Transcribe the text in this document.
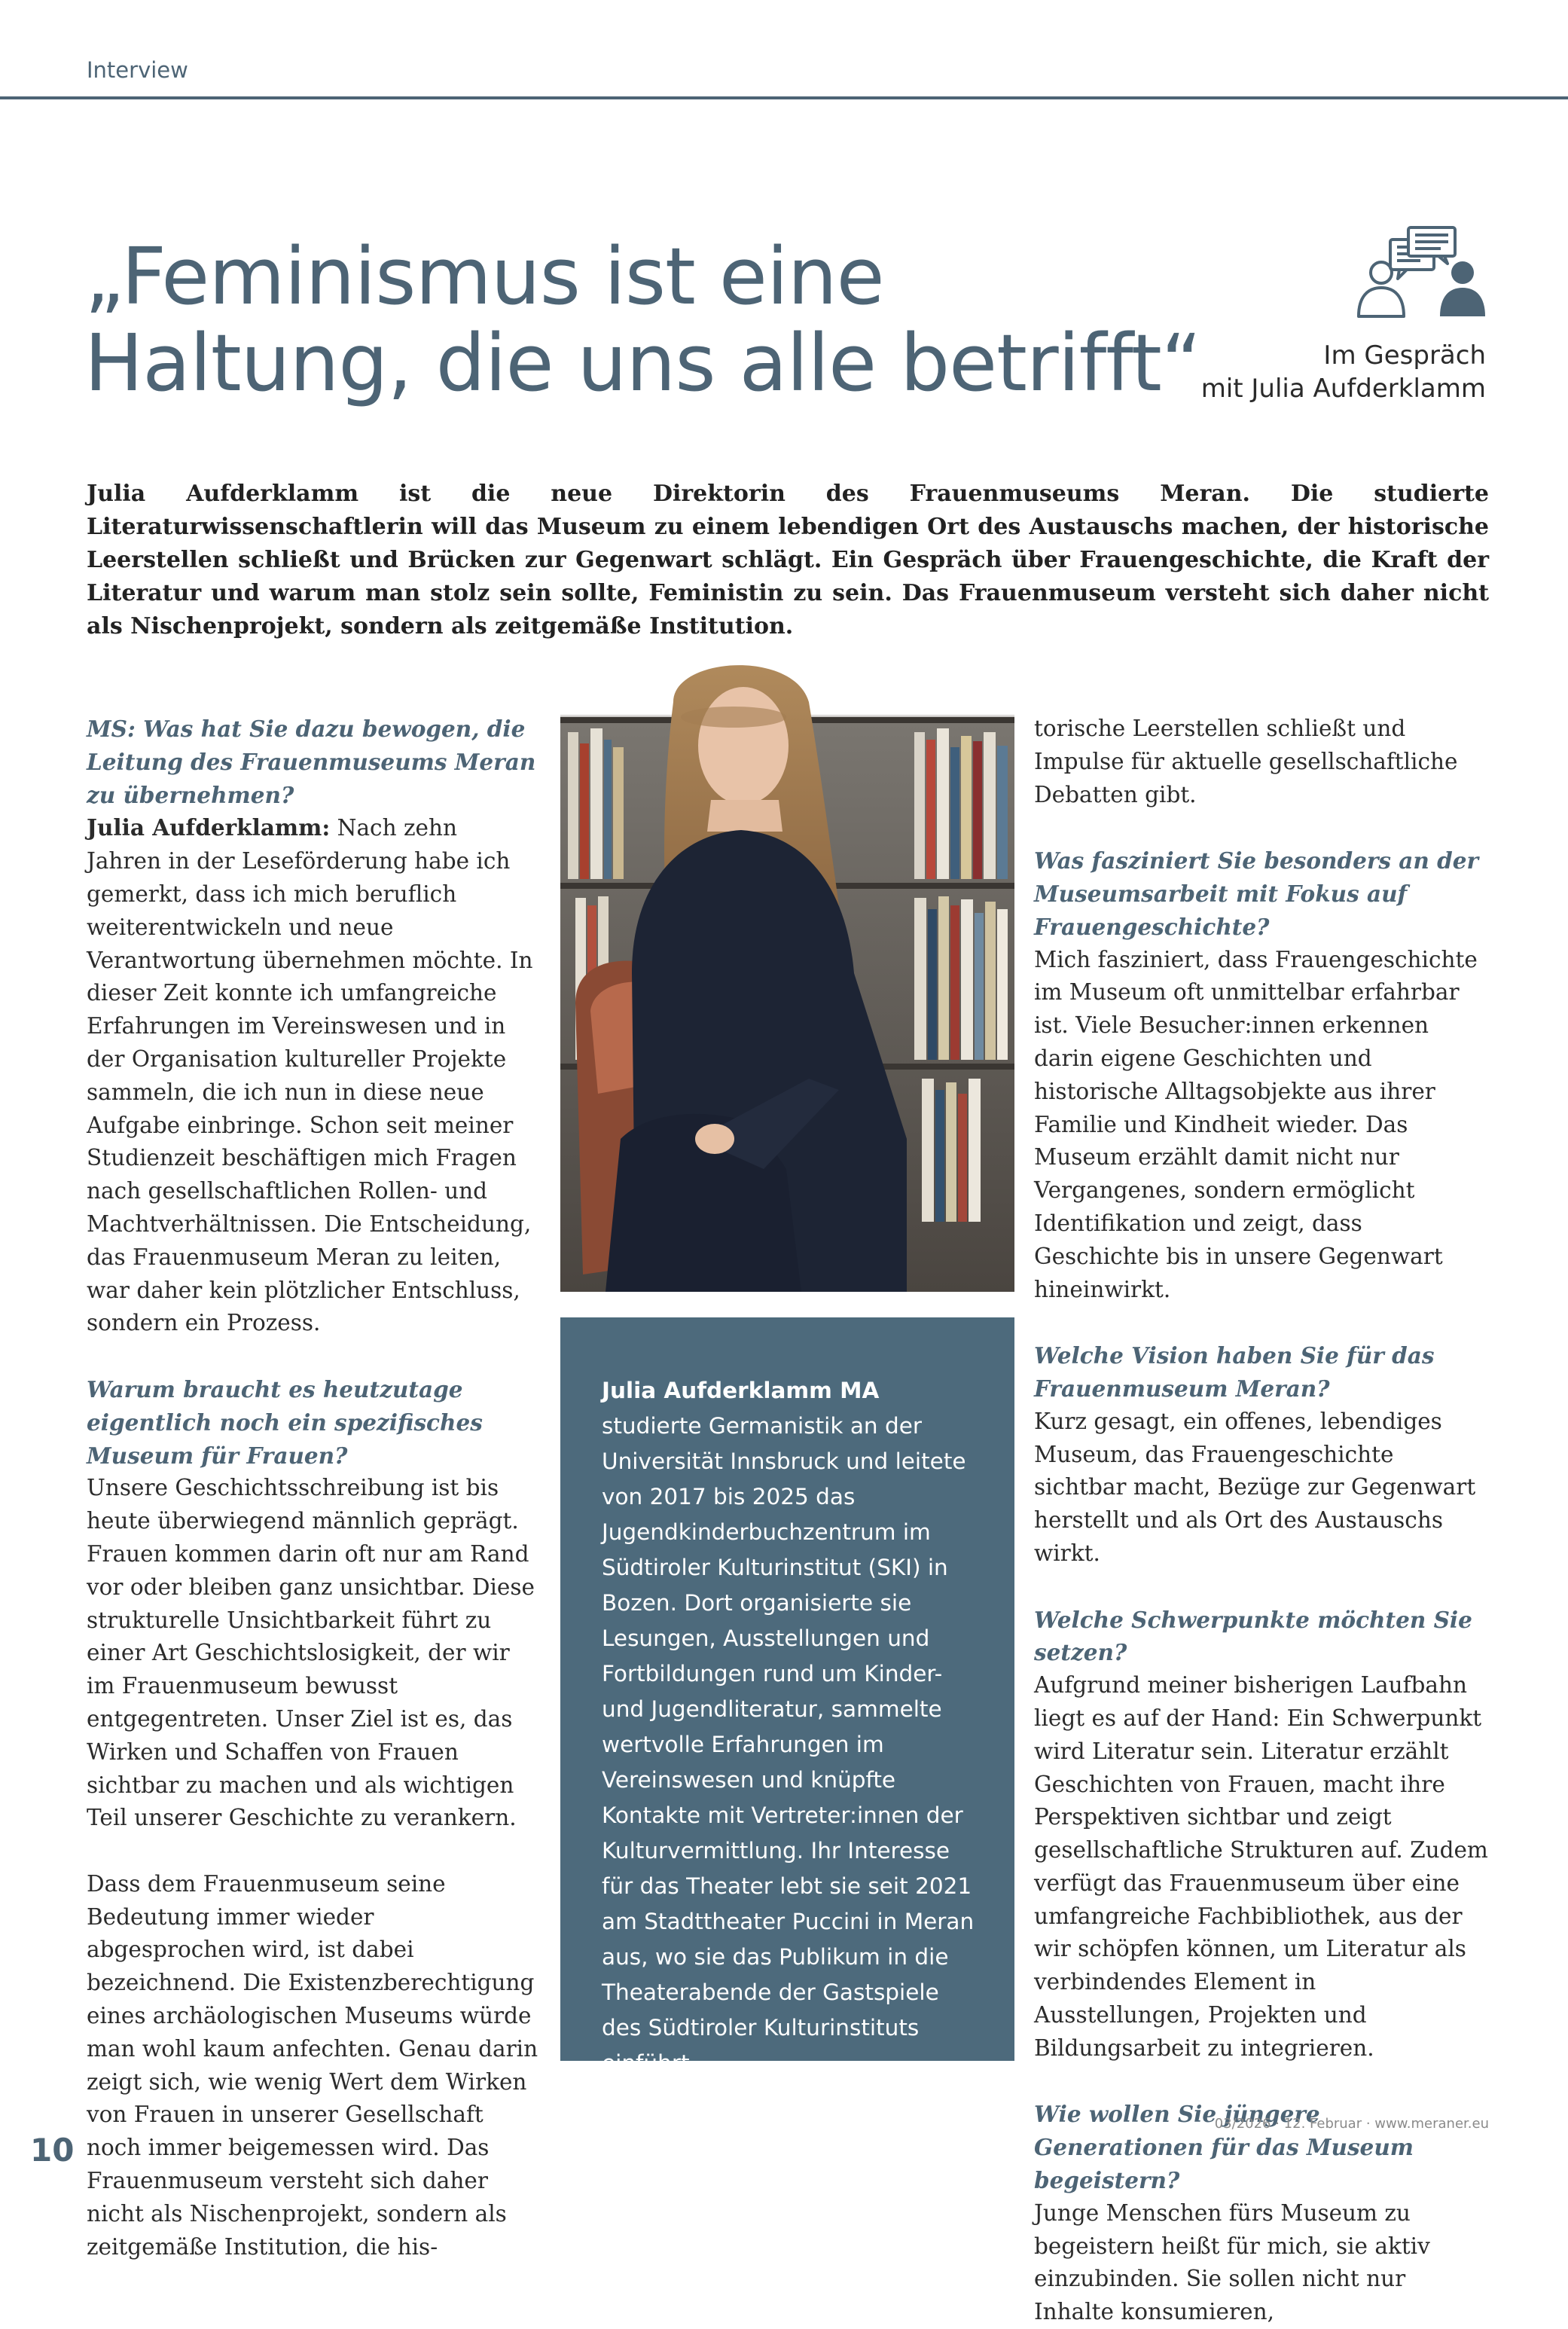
Interview
„Feminismus ist eine
Haltung, die uns alle betrifft“	Im Gespräch
mit Julia Aufderklamm

Julia Aufderklamm ist die neue Direktorin des Frauenmuseums Meran. Die studierte Literaturwissenschaftlerin will das Museum zu einem lebendigen Ort des Austauschs machen, der historische Leerstellen schließt und Brücken zur Gegenwart schlägt. Ein Gespräch über Frauengeschichte, die Kraft der Literatur und warum man stolz sein sollte, Feministin zu sein. Das Frauenmuseum versteht sich daher nicht als Nischenprojekt, sondern als zeitgemäße Institution.

MS: Was hat Sie dazu bewogen, die Leitung des Frauenmuseums Meran zu übernehmen?
Julia Aufderklamm: Nach zehn Jahren in der Leseförderung habe ich gemerkt, dass ich mich beruflich weiterentwickeln und neue Verantwortung übernehmen möchte. In dieser Zeit konnte ich umfangreiche Erfahrungen im Vereinswesen und in der Organisation kultureller Projekte sammeln, die ich nun in diese neue Aufgabe einbringe. Schon seit meiner Studienzeit beschäftigen mich Fragen nach gesellschaftlichen Rollen- und Machtverhältnissen. Die Entscheidung, das Frauenmuseum Meran zu leiten, war daher kein plötzlicher Entschluss, sondern ein Prozess.

Warum braucht es heutzutage eigentlich noch ein spezifisches Museum für Frauen?
Unsere Geschichtsschreibung ist bis heute überwiegend männlich geprägt. Frauen kommen darin oft nur am Rand vor oder bleiben ganz unsichtbar. Diese strukturelle Unsichtbarkeit führt zu einer Art Geschichtslosigkeit, der wir im Frauenmuseum bewusst entgegentreten. Unser Ziel ist es, das Wirken und Schaffen von Frauen sichtbar zu machen und als wichtigen Teil unserer Geschichte zu verankern.

Dass dem Frauenmuseum seine Bedeutung immer wieder abgesprochen wird, ist dabei bezeichnend. Die Existenzberechtigung eines archäologischen Museums würde man wohl kaum anfechten. Genau darin zeigt sich, wie wenig Wert dem Wirken von Frauen in unserer Gesellschaft noch immer beigemessen wird. Das Frauenmuseum versteht sich daher nicht als Nischenprojekt, sondern als zeitgemäße Institution, die his-

Julia Aufderklamm MA studierte Germanistik an der Universität Innsbruck und leitete von 2017 bis 2025 das Jugendkinderbuchzentrum im Südtiroler Kulturinstitut (SKI) in Bozen. Dort organisierte sie Lesungen, Ausstellungen und Fortbildungen rund um Kinder- und Jugendliteratur, sammelte wertvolle Erfahrungen im Vereinswesen und knüpfte Kontakte mit Vertreter:innen der Kulturvermittlung. Ihr Interesse für das Theater lebt sie seit 2021 am Stadttheater Puccini in Meran aus, wo sie das Publikum in die Theaterabende der Gastspiele des Südtiroler Kulturinstituts einführt.

torische Leerstellen schließt und Impulse für aktuelle gesellschaftliche Debatten gibt.

Was fasziniert Sie besonders an der Museumsarbeit mit Fokus auf Frauengeschichte?
Mich fasziniert, dass Frauengeschichte im Museum oft unmittelbar erfahrbar ist. Viele Besucher:innen erkennen darin eigene Geschichten und historische Alltagsobjekte aus ihrer Familie und Kindheit wieder. Das Museum erzählt damit nicht nur Vergangenes, sondern ermöglicht Identifikation und zeigt, dass Geschichte bis in unsere Gegenwart hineinwirkt.

Welche Vision haben Sie für das Frauenmuseum Meran?
Kurz gesagt, ein offenes, lebendiges Museum, das Frauengeschichte sichtbar macht, Bezüge zur Gegenwart herstellt und als Ort des Austauschs wirkt.

Welche Schwerpunkte möchten Sie setzen?
Aufgrund meiner bisherigen Laufbahn liegt es auf der Hand: Ein Schwerpunkt wird Literatur sein. Literatur erzählt Geschichten von Frauen, macht ihre Perspektiven sichtbar und zeigt gesellschaftliche Strukturen auf. Zudem verfügt das Frauenmuseum über eine umfangreiche Fachbibliothek, aus der wir schöpfen können, um Literatur als verbindendes Element in Ausstellungen, Projekten und Bildungsarbeit zu integrieren.

Wie wollen Sie jüngere Generationen für das Museum begeistern?
Junge Menschen fürs Museum zu begeistern heißt für mich, sie aktiv einzubinden. Sie sollen nicht nur Inhalte konsumieren,

03/2026 · 12. Februar · www.meraner.eu
10
